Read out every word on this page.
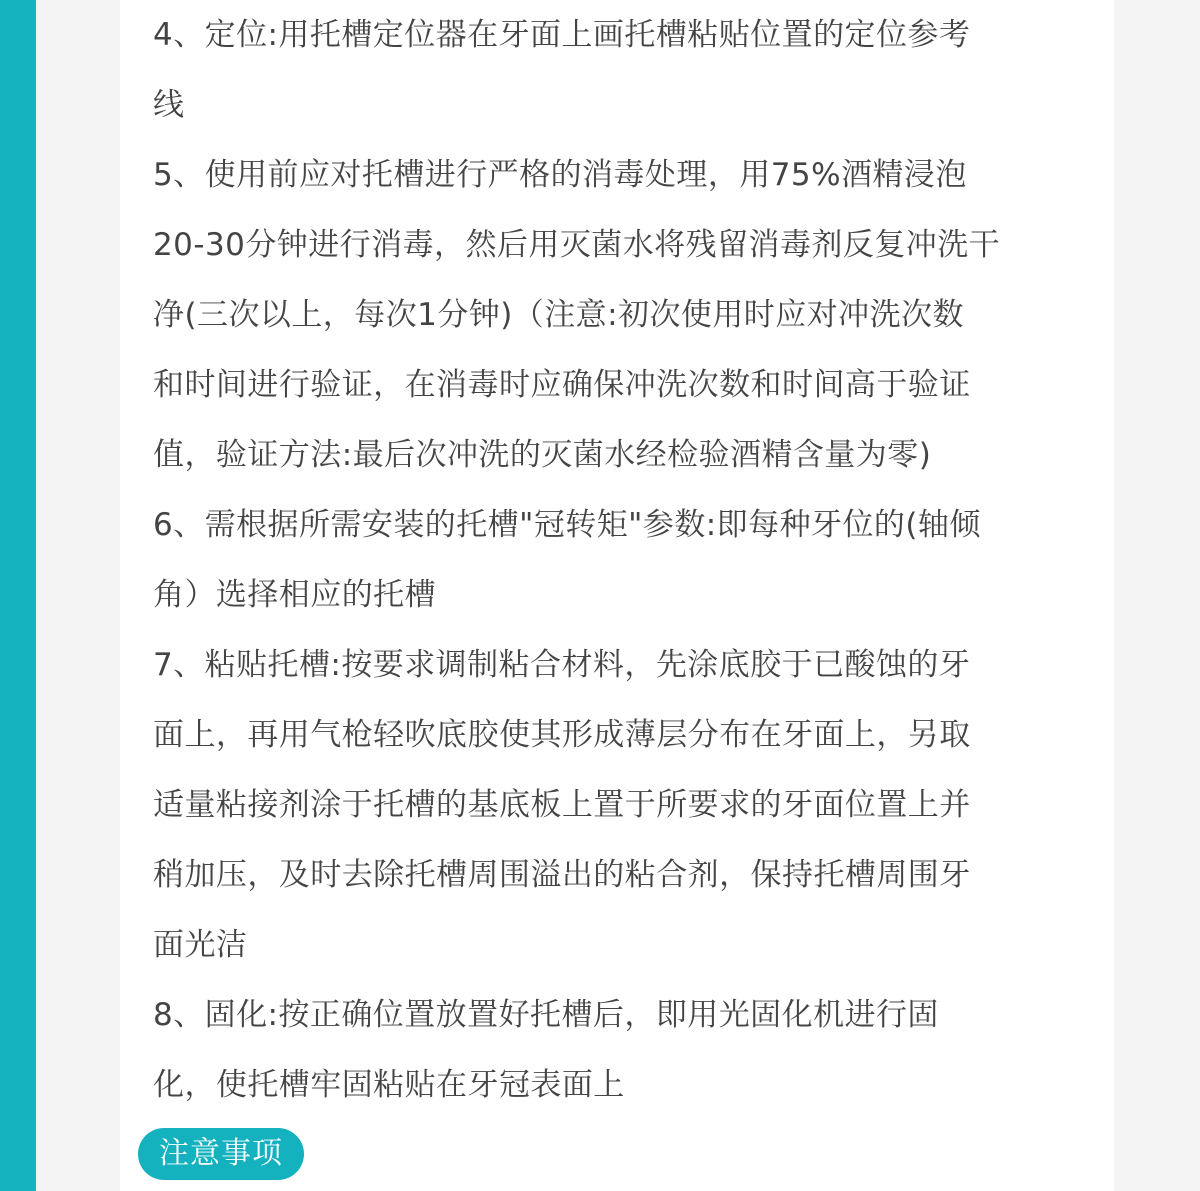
4、定位:用托槽定位器在牙面上画托槽粘贴位置的定位参考
线
5、使用前应对托槽进行严格的消毒处理，用75%酒精浸泡
20-30分钟进行消毒，然后用灭菌水将残留消毒剂反复冲洗干
净(三次以上，每次1分钟)（注意:初次使用时应对冲洗次数
和时间进行验证，在消毒时应确保冲洗次数和时间高于验证
值，验证方法:最后次冲洗的灭菌水经检验酒精含量为零)
6、需根据所需安装的托槽"冠转矩"参数:即每种牙位的(轴倾
角）选择相应的托槽
7、粘贴托槽:按要求调制粘合材料，先涂底胶于已酸蚀的牙
面上，再用气枪轻吹底胶使其形成薄层分布在牙面上，另取
适量粘接剂涂于托槽的基底板上置于所要求的牙面位置上并
稍加压，及时去除托槽周围溢出的粘合剂，保持托槽周围牙
面光洁
8、固化:按正确位置放置好托槽后，即用光固化机进行固
化，使托槽牢固粘贴在牙冠表面上
注意事项
